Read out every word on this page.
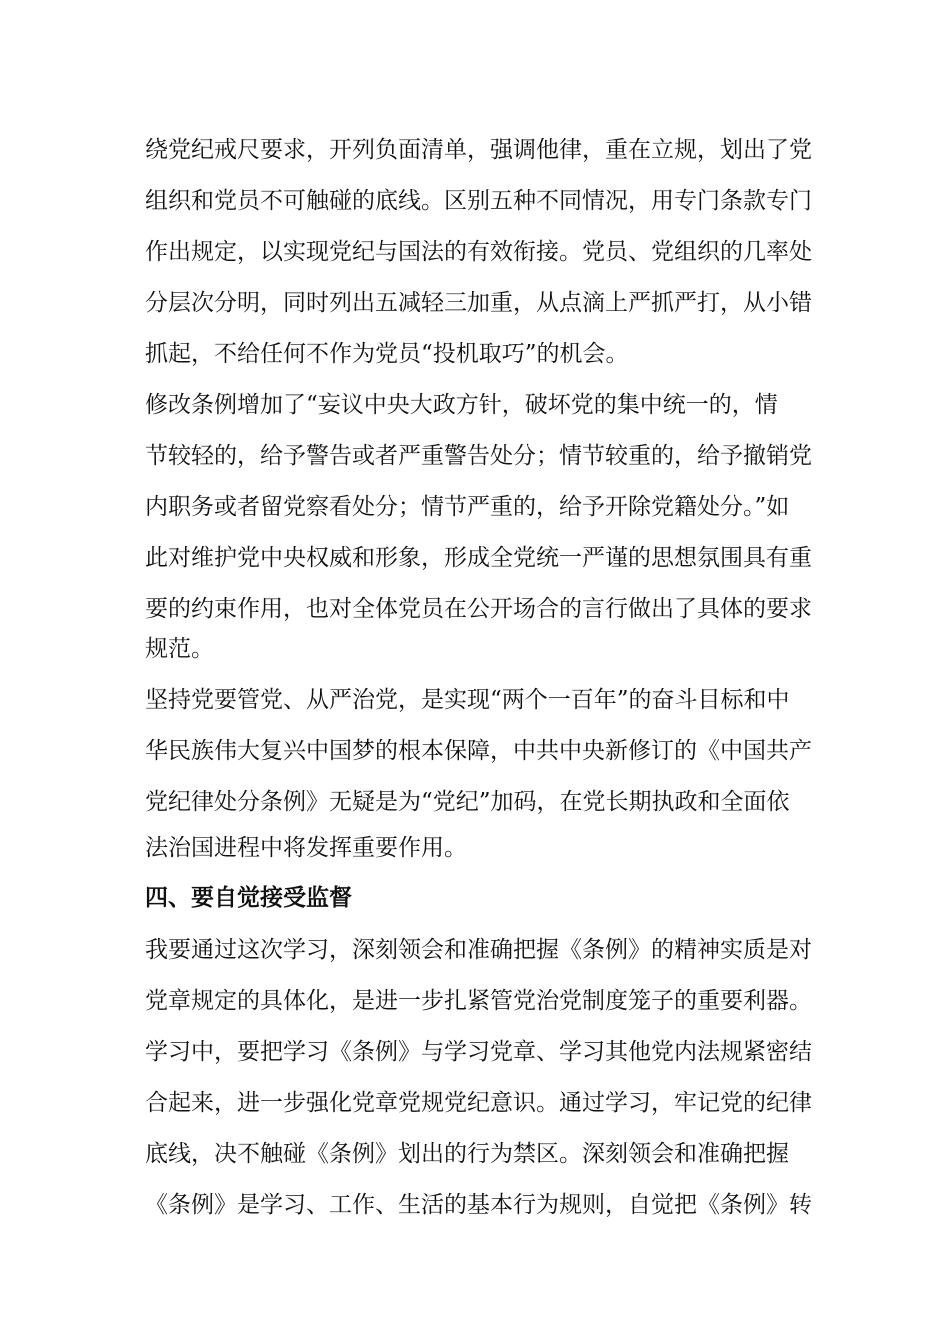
绕党纪戒尺要求，开列负面清单，强调他律，重在立规，划出了党
组织和党员不可触碰的底线。区别五种不同情况，用专门条款专门
作出规定，以实现党纪与国法的有效衔接。党员、党组织的几率处
分层次分明，同时列出五减轻三加重，从点滴上严抓严打，从小错
抓起，不给任何不作为党员“投机取巧”的机会。
修改条例增加了“妄议中央大政方针，破坏党的集中统一的，情
节较轻的，给予警告或者严重警告处分；情节较重的，给予撤销党
内职务或者留党察看处分；情节严重的，给予开除党籍处分。”如
此对维护党中央权威和形象，形成全党统一严谨的思想氛围具有重
要的约束作用，也对全体党员在公开场合的言行做出了具体的要求
规范。
坚持党要管党、从严治党，是实现“两个一百年”的奋斗目标和中
华民族伟大复兴中国梦的根本保障，中共中央新修订的《中国共产
党纪律处分条例》无疑是为“党纪”加码，在党长期执政和全面依
法治国进程中将发挥重要作用。
四、要自觉接受监督
我要通过这次学习，深刻领会和准确把握《条例》的精神实质是对
党章规定的具体化，是进一步扎紧管党治党制度笼子的重要利器。
学习中，要把学习《条例》与学习党章、学习其他党内法规紧密结
合起来，进一步强化党章党规党纪意识。通过学习，牢记党的纪律
底线，决不触碰《条例》划出的行为禁区。深刻领会和准确把握
《条例》是学习、工作、生活的基本行为规则，自觉把《条例》转
